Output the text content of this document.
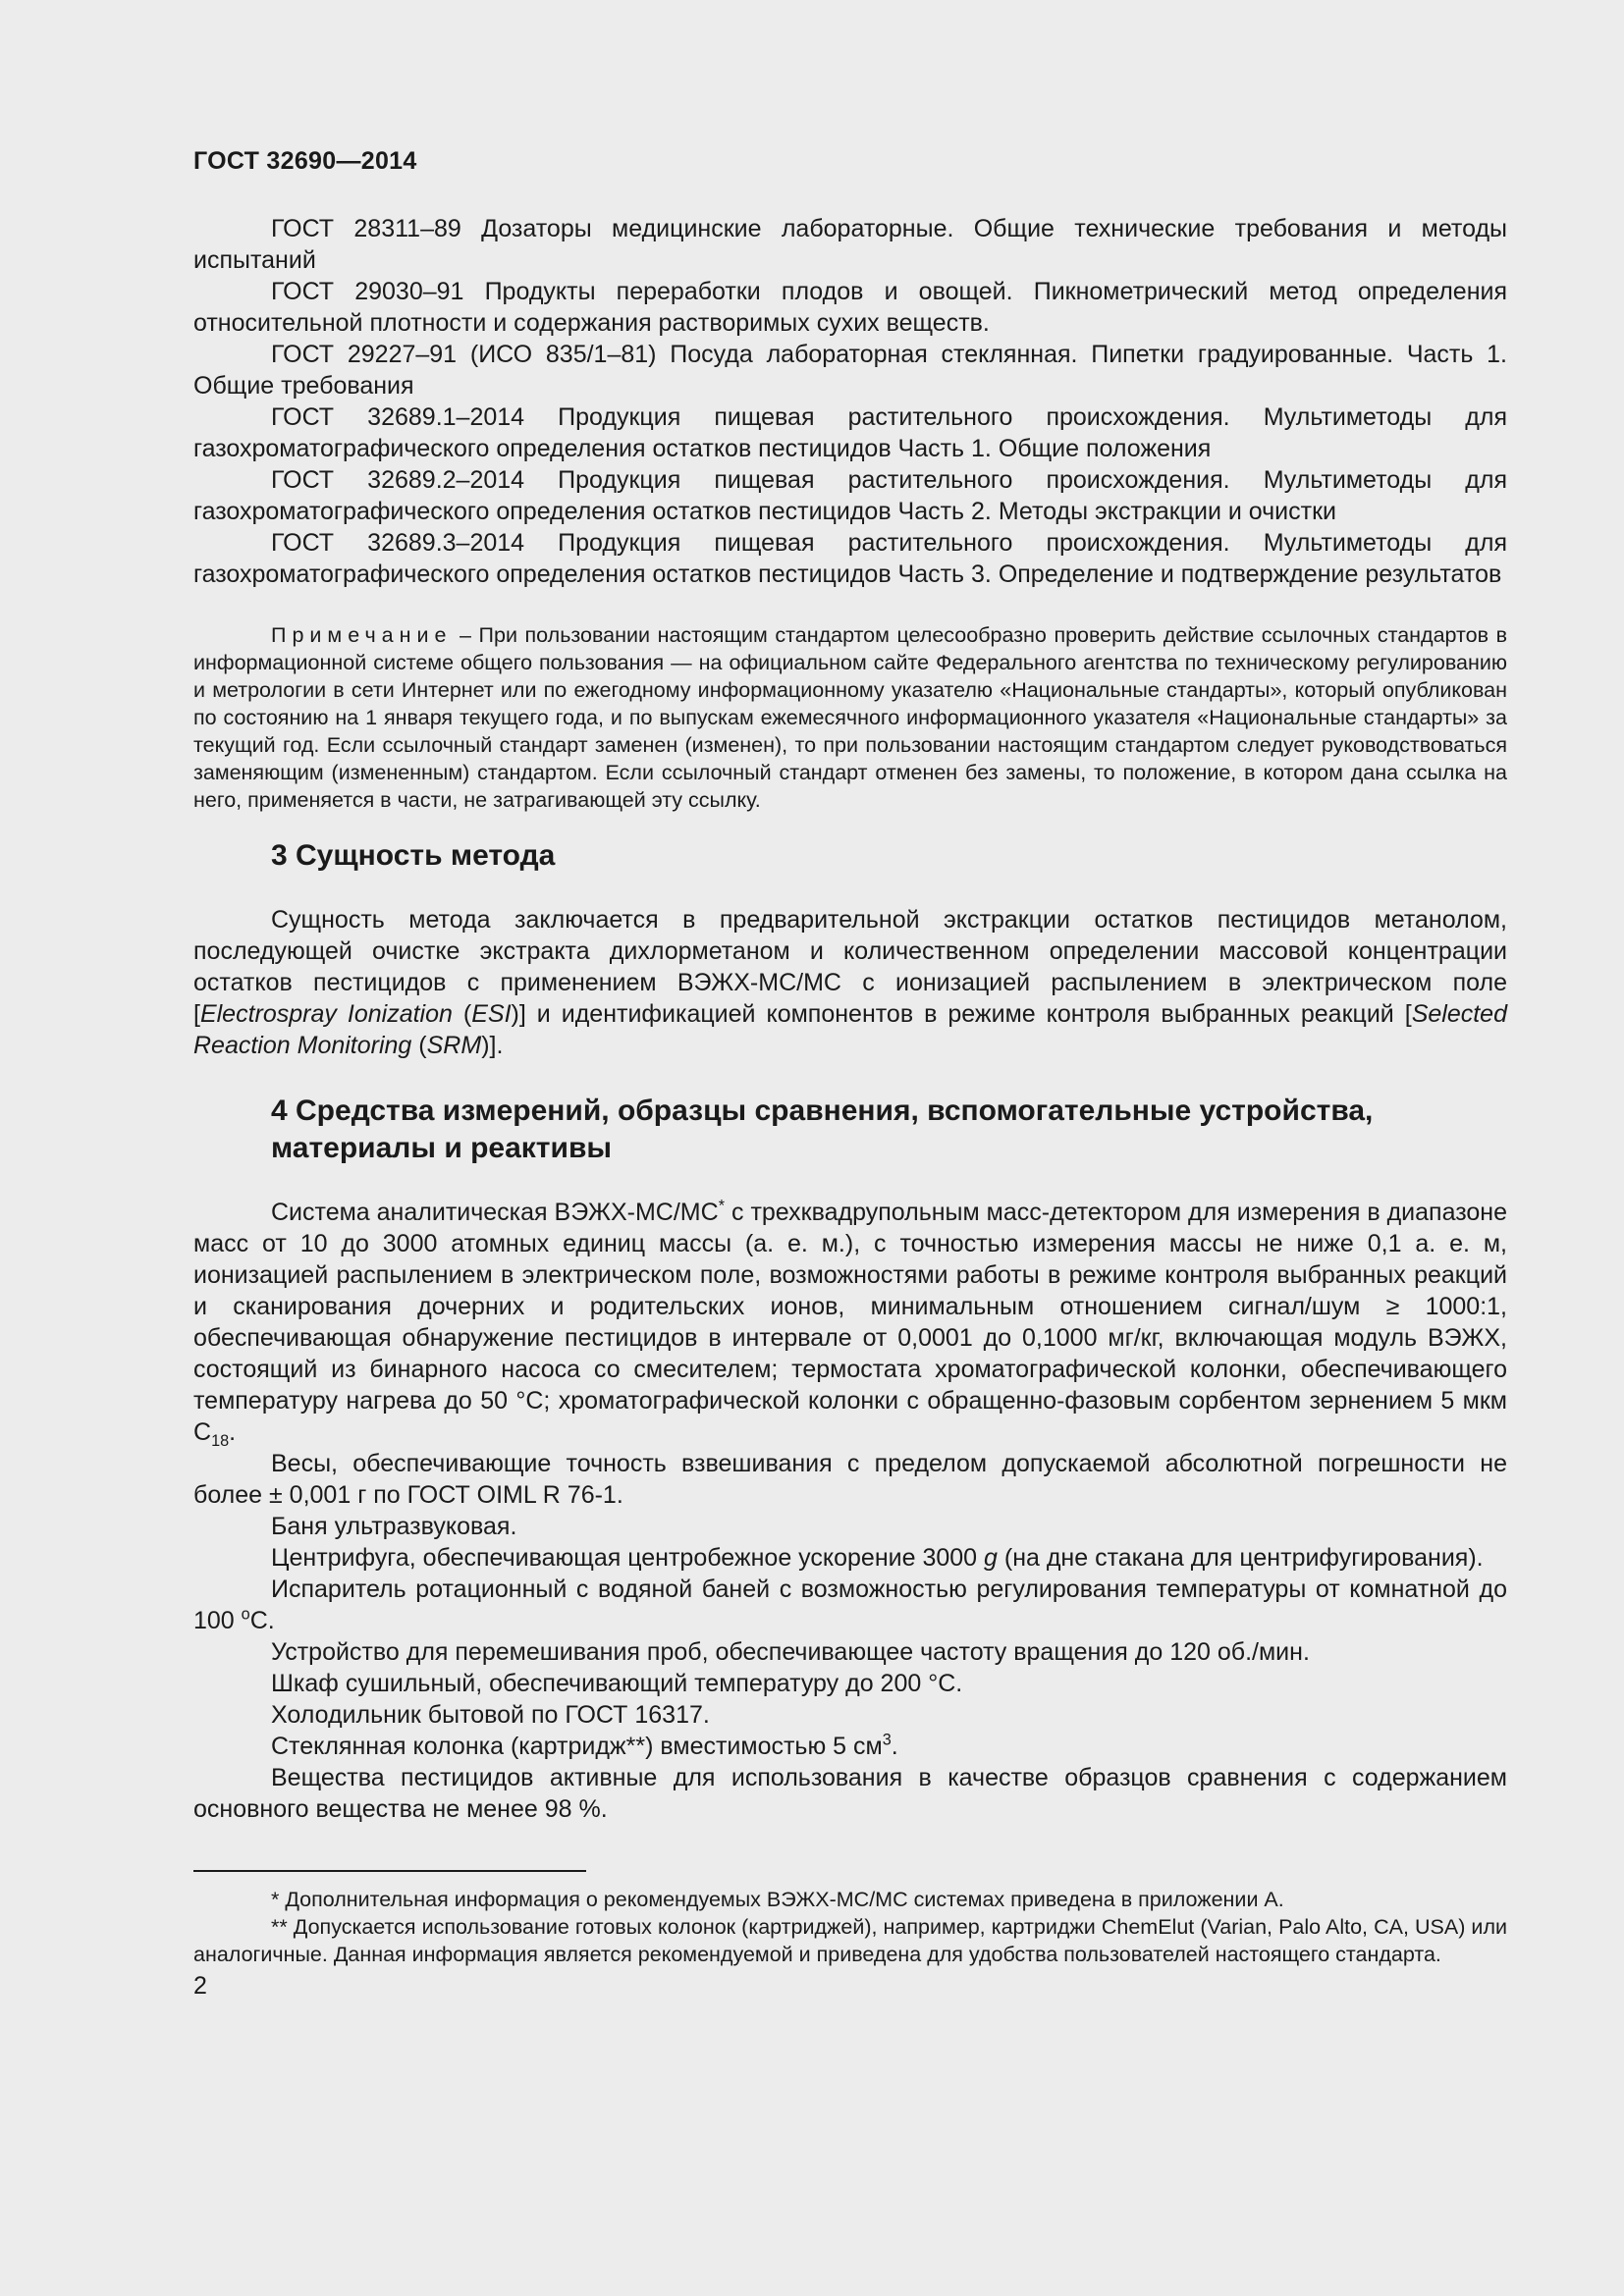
ГОСТ 32690—2014

ГОСТ 28311–89 Дозаторы медицинские лабораторные. Общие технические требования и методы испытаний

ГОСТ 29030–91 Продукты переработки плодов и овощей. Пикнометрический метод определения относительной плотности и содержания растворимых сухих веществ.

ГОСТ 29227–91 (ИСО 835/1–81) Посуда лабораторная стеклянная. Пипетки градуированные. Часть 1. Общие требования

ГОСТ 32689.1–2014 Продукция пищевая растительного происхождения. Мультиметоды для газохроматографического определения остатков пестицидов Часть 1. Общие положения

ГОСТ 32689.2–2014 Продукция пищевая растительного происхождения. Мультиметоды для газохроматографического определения остатков пестицидов Часть 2. Методы экстракции и очистки

ГОСТ 32689.3–2014 Продукция пищевая растительного происхождения. Мультиметоды для газохроматографического определения остатков пестицидов Часть 3. Определение и подтверждение результатов

Примечание – При пользовании настоящим стандартом целесообразно проверить действие ссылочных стандартов в информационной системе общего пользования — на официальном сайте Федерального агентства по техническому регулированию и метрологии в сети Интернет или по ежегодному информационному указателю «Национальные стандарты», который опубликован по состоянию на 1 января текущего года, и по выпускам ежемесячного информационного указателя «Национальные стандарты» за текущий год. Если ссылочный стандарт заменен (изменен), то при пользовании настоящим стандартом следует руководствоваться заменяющим (измененным) стандартом. Если ссылочный стандарт отменен без замены, то положение, в котором дана ссылка на него, применяется в части, не затрагивающей эту ссылку.

3 Сущность метода

Сущность метода заключается в предварительной экстракции остатков пестицидов метанолом, последующей очистке экстракта дихлорметаном и количественном определении массовой концентрации остатков пестицидов с применением ВЭЖХ-МС/МС с ионизацией распылением в электрическом поле [Electrospray Ionization (ESI)] и идентификацией компонентов в режиме контроля выбранных реакций [Selected Reaction Monitoring (SRM)].

4 Средства измерений, образцы сравнения, вспомогательные устройства, материалы и реактивы

Система аналитическая ВЭЖХ-МС/МС* с трехквадрупольным масс-детектором для измерения в диапазоне масс от 10 до 3000 атомных единиц массы (а. е. м.), с точностью измерения массы не ниже 0,1 а. е. м, ионизацией распылением в электрическом поле, возможностями работы в режиме контроля выбранных реакций и сканирования дочерних и родительских ионов, минимальным отношением сигнал/шум ≥ 1000:1, обеспечивающая обнаружение пестицидов в интервале от 0,0001 до 0,1000 мг/кг, включающая модуль ВЭЖХ, состоящий из бинарного насоса со смесителем; термостата хроматографической колонки, обеспечивающего температуру нагрева до 50 °С; хроматографической колонки с обращенно-фазовым сорбентом зернением 5 мкм $С_{18}$.

Весы, обеспечивающие точность взвешивания с пределом допускаемой абсолютной погрешности не более ± 0,001 г по ГОСТ OIML R 76-1.

Баня ультразвуковая.

Центрифуга, обеспечивающая центробежное ускорение 3000 g (на дне стакана для центрифугирования).

Испаритель ротационный с водяной баней с возможностью регулирования температуры от комнатной до 100 $^о$С.

Устройство для перемешивания проб, обеспечивающее частоту вращения до 120 об./мин.

Шкаф сушильный, обеспечивающий температуру до 200 °С.

Холодильник бытовой по ГОСТ 16317.

Стеклянная колонка (картридж**) вместимостью 5 $см^3$.

Вещества пестицидов активные для использования в качестве образцов сравнения с содержанием основного вещества не менее 98 %.

* Дополнительная информация о рекомендуемых ВЭЖХ-МС/МС системах приведена в приложении А.

** Допускается использование готовых колонок (картриджей), например, картриджи ChemElut (Varian, Palo Alto, CA, USA) или аналогичные. Данная информация является рекомендуемой и приведена для удобства пользователей настоящего стандарта.

2
